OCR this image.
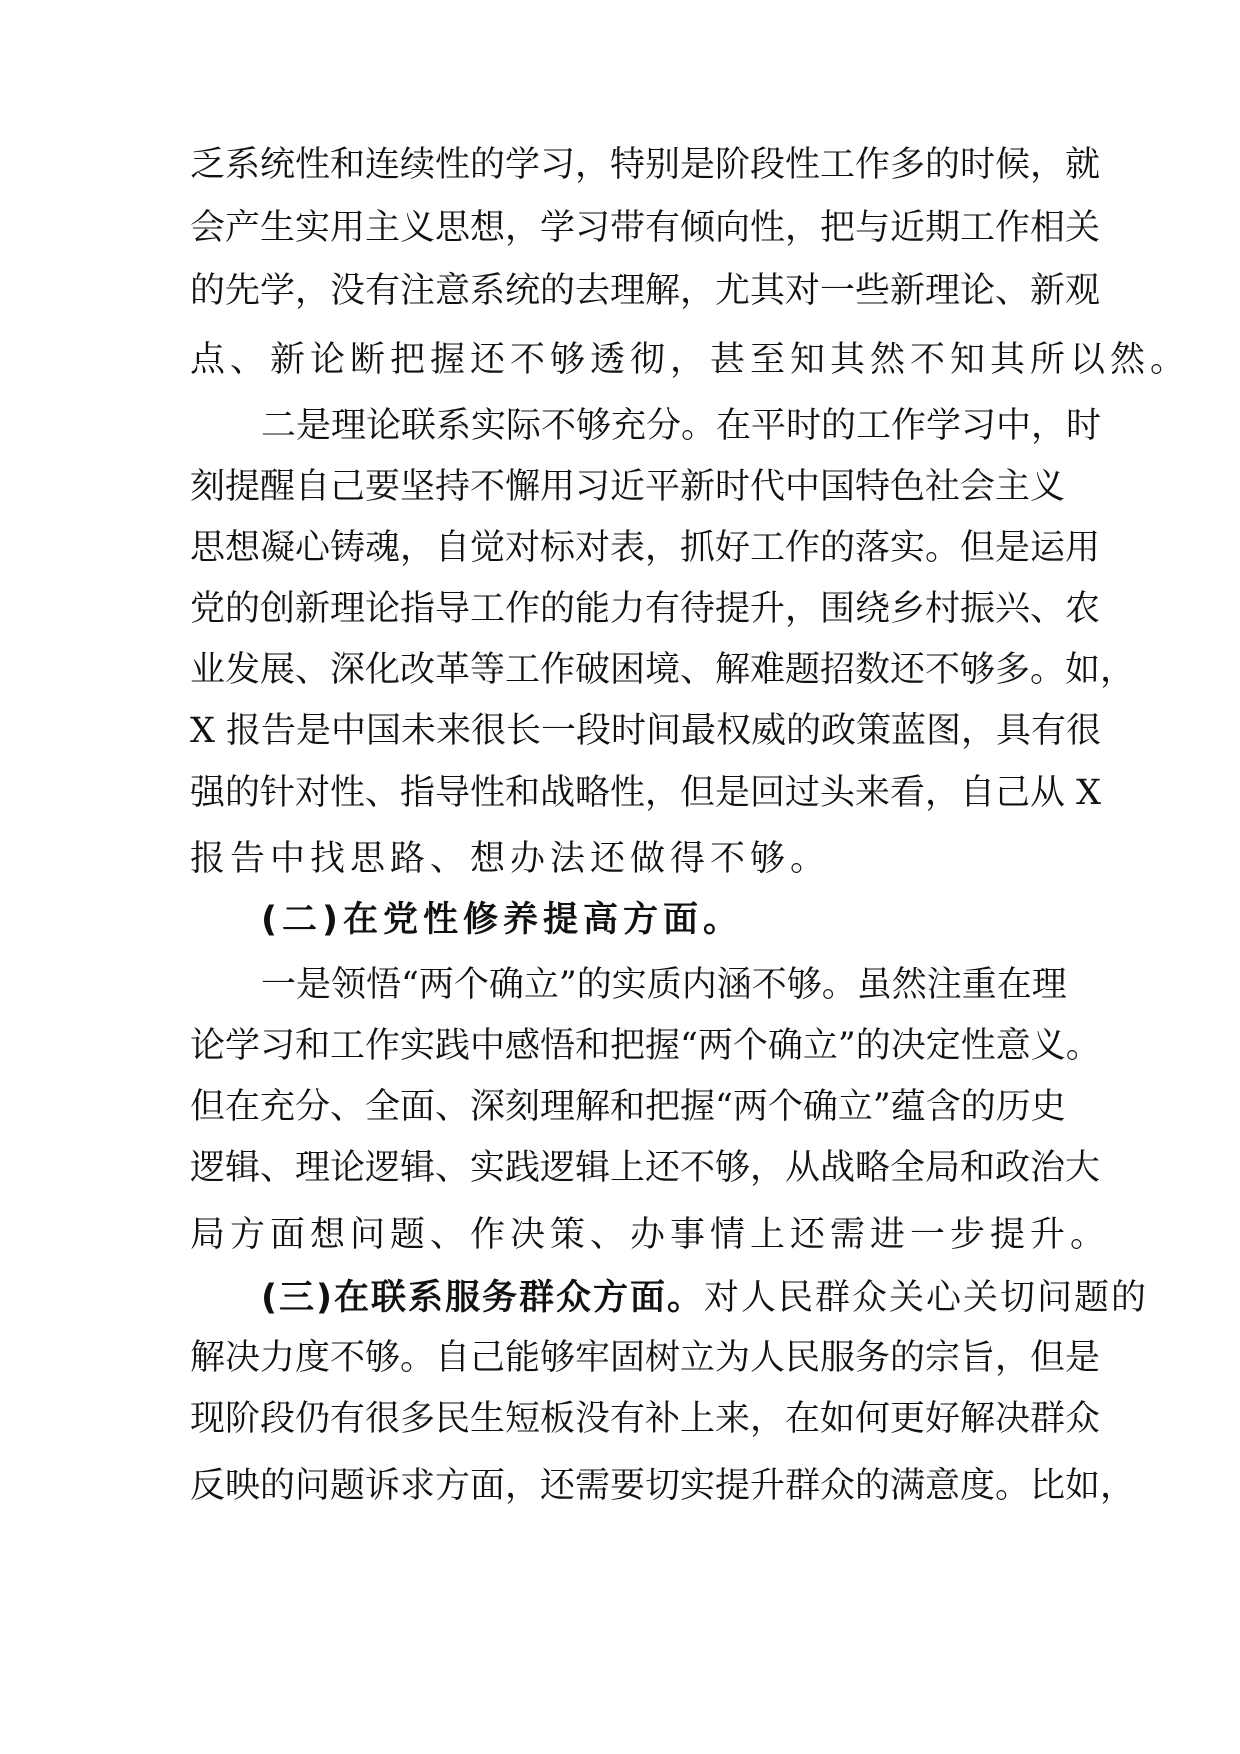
乏系统性和连续性的学习，特别是阶段性工作多的时候，就
会产生实用主义思想，学习带有倾向性，把与近期工作相关
的先学，没有注意系统的去理解，尤其对一些新理论、新观
点、新论断把握还不够透彻，甚至知其然不知其所以然。
二是理论联系实际不够充分。在平时的工作学习中，时
刻提醒自己要坚持不懈用习近平新时代中国特色社会主义
思想凝心铸魂，自觉对标对表，抓好工作的落实。但是运用
党的创新理论指导工作的能力有待提升，围绕乡村振兴、农
业发展、深化改革等工作破困境、解难题招数还不够多。如，
X 报告是中国未来很长一段时间最权威的政策蓝图，具有很
强的针对性、指导性和战略性，但是回过头来看，自己从 X
报告中找思路、想办法还做得不够。
(二)在党性修养提高方面。
一是领悟“两个确立”的实质内涵不够。虽然注重在理
论学习和工作实践中感悟和把握“两个确立”的决定性意义。
但在充分、全面、深刻理解和把握“两个确立”蕴含的历史
逻辑、理论逻辑、实践逻辑上还不够，从战略全局和政治大
局方面想问题、作决策、办事情上还需进一步提升。
(三)在联系服务群众方面。对人民群众关心关切问题的
解决力度不够。自己能够牢固树立为人民服务的宗旨，但是
现阶段仍有很多民生短板没有补上来，在如何更好解决群众
反映的问题诉求方面，还需要切实提升群众的满意度。比如，
